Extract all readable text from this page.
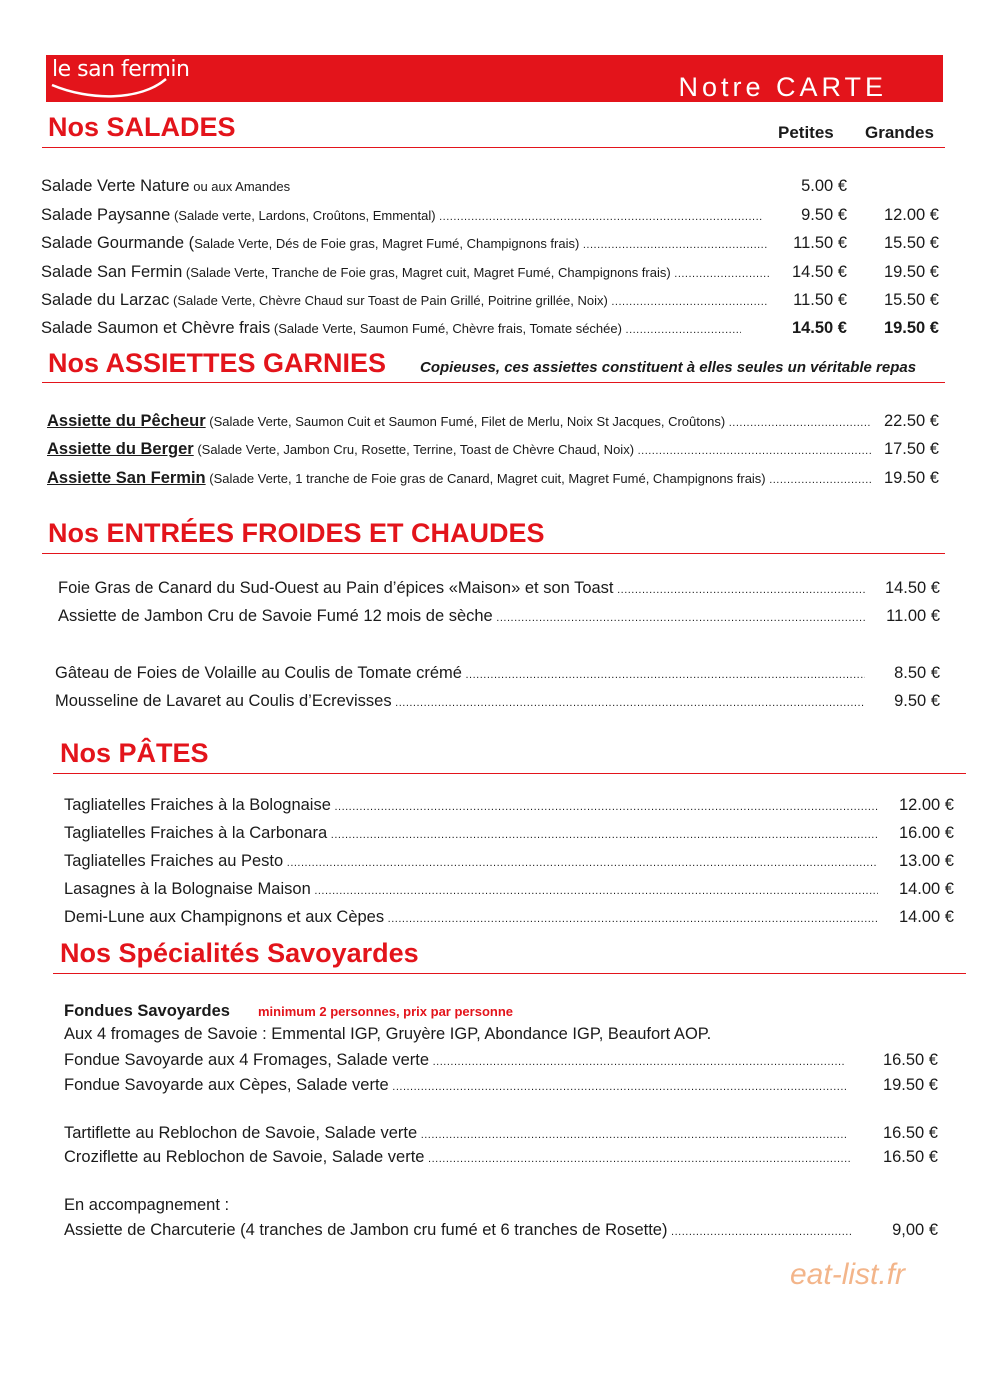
le san fermin
Notre CARTE
Nos SALADES	Petites Grandes
Salade Verte Nature ou aux Amandes	5.00 €
Salade Paysanne (Salade verte, Lardons, Croûtons, Emmental) .....	9.50 €	12.00 €
Salade Gourmande (Salade Verte, Dés de Foie gras, Magret Fumé, Champignons frais) .....	11.50 €	15.50 €
Salade San Fermin (Salade Verte, Tranche de Foie gras, Magret cuit, Magret Fumé, Champignons frais) .....	14.50 €	19.50 €
Salade du Larzac (Salade Verte, Chèvre Chaud sur Toast de Pain Grillé, Poitrine grillée, Noix) .....	11.50 €	15.50 €
Salade Saumon et Chèvre frais (Salade Verte, Saumon Fumé, Chèvre frais, Tomate séchée) .....	14.50 €	19.50 €
Nos ASSIETTES GARNIES Copieuses, ces assiettes constituent à elles seules un véritable repas
Assiette du Pêcheur (Salade Verte, Saumon Cuit et Saumon Fumé, Filet de Merlu, Noix St Jacques, Croûtons) .....	22.50 €
Assiette du Berger (Salade Verte, Jambon Cru, Rosette, Terrine, Toast de Chèvre Chaud, Noix) .....	17.50 €
Assiette San Fermin (Salade Verte, 1 tranche de Foie gras de Canard, Magret cuit, Magret Fumé, Champignons frais) .....	19.50 €
Nos ENTRÉES FROIDES ET CHAUDES
Foie Gras de Canard du Sud-Ouest au Pain d’épices «Maison» et son Toast .....	14.50 €
Assiette de Jambon Cru de Savoie Fumé 12 mois de sèche .....	11.00 €
Gâteau de Foies de Volaille au Coulis de Tomate crémé .....	8.50 €
Mousseline de Lavaret au Coulis d’Ecrevisses .....	9.50 €
Nos PÂTES
Tagliatelles Fraiches à la Bolognaise .....	12.00 €
Tagliatelles Fraiches à la Carbonara .....	16.00 €
Tagliatelles Fraiches au Pesto .....	13.00 €
Lasagnes à la Bolognaise Maison .....	14.00 €
Demi-Lune aux Champignons et aux Cèpes .....	14.00 €
Nos Spécialités Savoyardes
Fondues Savoyardes minimum 2 personnes, prix par personne
Aux 4 fromages de Savoie : Emmental IGP, Gruyère IGP, Abondance IGP, Beaufort AOP.
Fondue Savoyarde aux 4 Fromages, Salade verte .....	16.50 €
Fondue Savoyarde aux Cèpes, Salade verte .....	19.50 €
Tartiflette au Reblochon de Savoie, Salade verte .....	16.50 €
Croziflette au Reblochon de Savoie, Salade verte .....	16.50 €
En accompagnement :
Assiette de Charcuterie (4 tranches de Jambon cru fumé et 6 tranches de Rosette) .....	9,00 €
eat-list.fr
